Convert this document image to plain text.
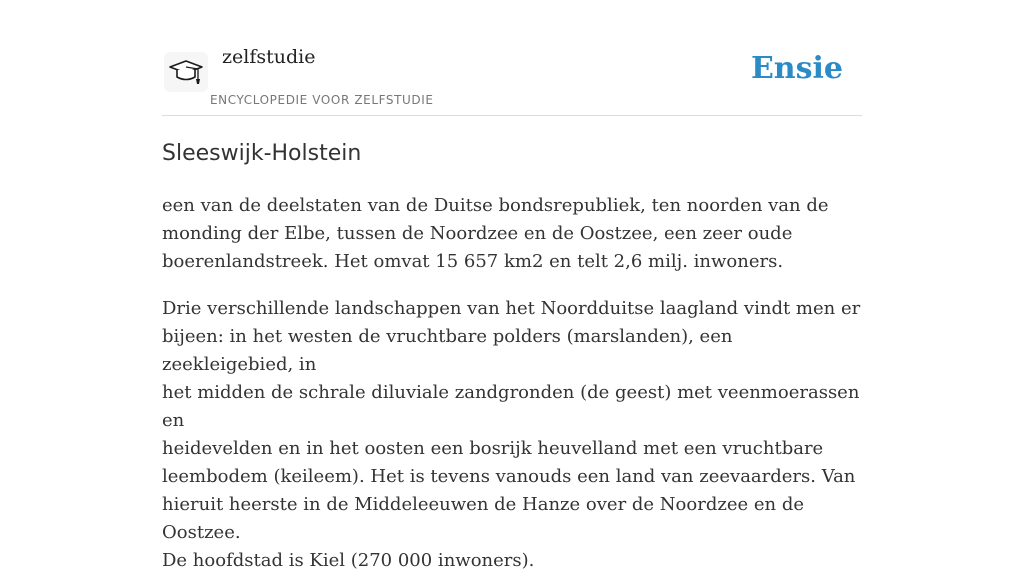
zelfstudie
ENCYCLOPEDIE VOOR ZELFSTUDIE
Ensie
Sleeswijk-Holstein

een van de deelstaten van de Duitse bondsrepubliek, ten noorden van de
monding der Elbe, tussen de Noordzee en de Oostzee, een zeer oude
boerenlandstreek. Het omvat 15 657 km2 en telt 2,6 milj. inwoners.

Drie verschillende landschappen van het Noordduitse laagland vindt men er
bijeen: in het westen de vruchtbare polders (marslanden), een zeekleigebied, in
het midden de schrale diluviale zandgronden (de geest) met veenmoerassen en
heidevelden en in het oosten een bosrijk heuvelland met een vruchtbare
leembodem (keileem). Het is tevens vanouds een land van zeevaarders. Van
hieruit heerste in de Middeleeuwen de Hanze over de Noordzee en de Oostzee.
De hoofdstad is Kiel (270 000 inwoners).
